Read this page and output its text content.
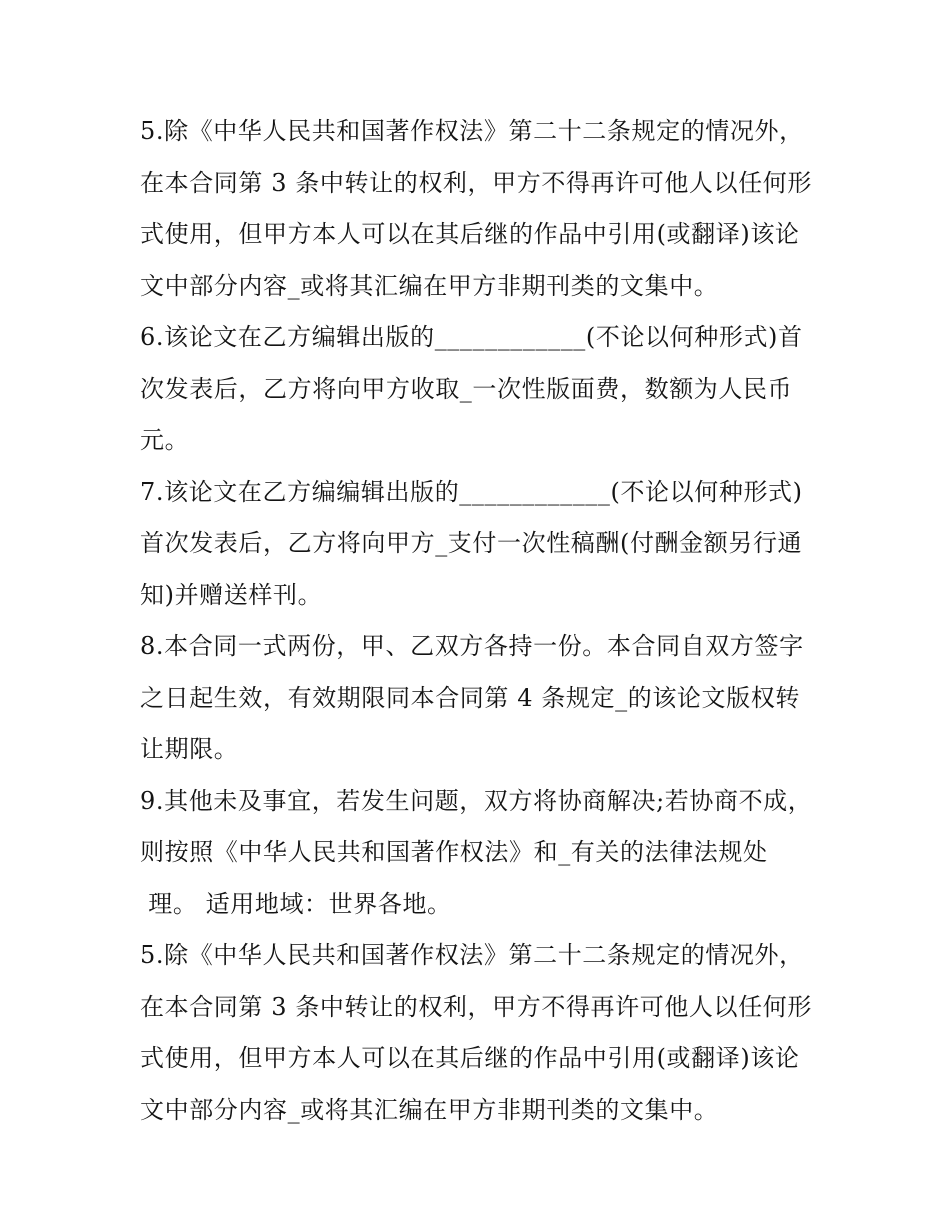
5.除《中华人民共和国著作权法》第二十二条规定的情况外，
在本合同第 3 条中转让的权利，甲方不得再许可他人以任何形
式使用，但甲方本人可以在其后继的作品中引用(或翻译)该论
文中部分内容_或将其汇编在甲方非期刊类的文集中。
6.该论文在乙方编辑出版的____________(不论以何种形式)首
次发表后，乙方将向甲方收取_一次性版面费，数额为人民币
元。
7.该论文在乙方编编辑出版的____________(不论以何种形式)
首次发表后，乙方将向甲方_支付一次性稿酬(付酬金额另行通
知)并赠送样刊。
8.本合同一式两份，甲、乙双方各持一份。本合同自双方签字
之日起生效，有效期限同本合同第 4 条规定_的该论文版权转
让期限。
9.其他未及事宜，若发生问题，双方将协商解决;若协商不成，
则按照《中华人民共和国著作权法》和_有关的法律法规处
理。 适用地域：世界各地。
5.除《中华人民共和国著作权法》第二十二条规定的情况外，
在本合同第 3 条中转让的权利，甲方不得再许可他人以任何形
式使用，但甲方本人可以在其后继的作品中引用(或翻译)该论
文中部分内容_或将其汇编在甲方非期刊类的文集中。
